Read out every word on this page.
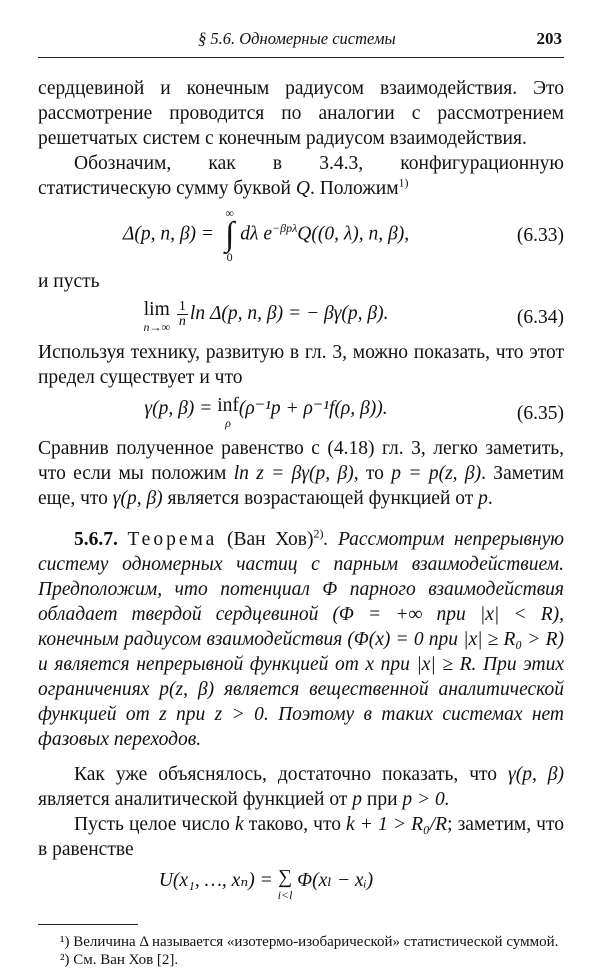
§ 5.6. Одномерные системы	203

сердцевиной и конечным радиусом взаимодействия. Это рассмотрение проводится по аналогии с рассмотрением решетчатых систем с конечным радиусом взаимодействия.

Обозначим, как в 3.4.3, конфигурационную статистическую сумму буквой Q. Положим$^{1)}$

Δ(p, n, β) =
∞
∫
0
dλ $e^{-\beta p\lambda}Q((0$, λ), n, β),	(6.33)

и пусть

lim
n→∞
$\frac{1}{n}$ ln Δ(p, n, β) = − βγ(p, β).	(6.34)

Используя технику, развитую в гл. 3, можно показать, что этот предел существует и что

γ(p, β) = inf
ρ
(ρ⁻¹p + ρ⁻¹f(ρ, β)).	(6.35)

Сравнив полученное равенство с (4.18) гл. 3, легко заметить, что если мы положим ln z = βγ(p, β), то p = p(z, β). Заметим еще, что γ(p, β) является возрастающей функцией от p.

5.6.7. Теорема (Ван Хов)$^{2)}$. Рассмотрим непрерывную систему одномерных частиц с парным взаимодействием. Предположим, что потенциал Φ парного взаимодействия обладает твердой сердцевиной (Φ = +∞ при |x| < R), конечным радиусом взаимодействия (Φ(x) = 0 при |x| ≥ R₀ > R) и является непрерывной функцией от x при |x| ≥ R. При этих ограничениях p(z, β) является вещественной аналитической функцией от z при z > 0. Поэтому в таких системах нет фазовых переходов.

Как уже объяснялось, достаточно показать, что γ(p, β) является аналитической функцией от p при p > 0.

Пусть целое число k таково, что k + 1 > R₀/R; заметим, что в равенстве

U(x₁, …, xₙ) = ∑
i<l
Φ(xₗ − xᵢ)

¹) Величина Δ называется «изотермо-изобарической» статистической суммой.

²) См. Ван Хов [2].
